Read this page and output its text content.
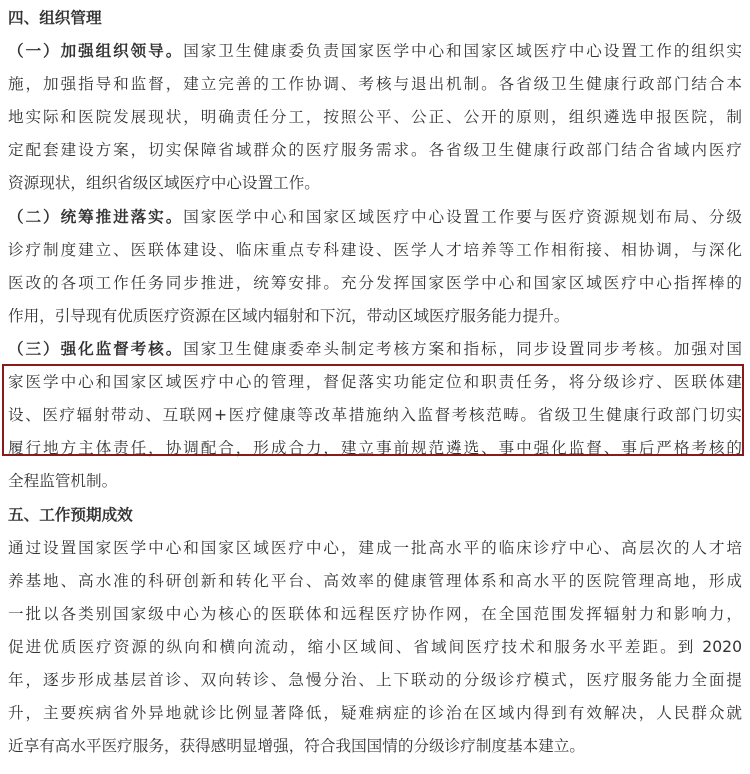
四、组织管理
（一）加强组织领导。国家卫生健康委负责国家医学中心和国家区域医疗中心设置工作的组织实
施，加强指导和监督，建立完善的工作协调、考核与退出机制。各省级卫生健康行政部门结合本
地实际和医院发展现状，明确责任分工，按照公平、公正、公开的原则，组织遴选申报医院，制
定配套建设方案，切实保障省域群众的医疗服务需求。各省级卫生健康行政部门结合省域内医疗
资源现状，组织省级区域医疗中心设置工作。
（二）统筹推进落实。国家医学中心和国家区域医疗中心设置工作要与医疗资源规划布局、分级
诊疗制度建立、医联体建设、临床重点专科建设、医学人才培养等工作相衔接、相协调，与深化
医改的各项工作任务同步推进，统筹安排。充分发挥国家医学中心和国家区域医疗中心指挥棒的
作用，引导现有优质医疗资源在区域内辐射和下沉，带动区域医疗服务能力提升。
（三）强化监督考核。国家卫生健康委牵头制定考核方案和指标，同步设置同步考核。加强对国
家医学中心和国家区域医疗中心的管理，督促落实功能定位和职责任务，将分级诊疗、医联体建
设、医疗辐射带动、互联网+医疗健康等改革措施纳入监督考核范畴。省级卫生健康行政部门切实
履行地方主体责任，协调配合，形成合力，建立事前规范遴选、事中强化监督、事后严格考核的
全程监管机制。
五、工作预期成效
通过设置国家医学中心和国家区域医疗中心，建成一批高水平的临床诊疗中心、高层次的人才培
养基地、高水准的科研创新和转化平台、高效率的健康管理体系和高水平的医院管理高地，形成
一批以各类别国家级中心为核心的医联体和远程医疗协作网，在全国范围发挥辐射力和影响力，
促进优质医疗资源的纵向和横向流动，缩小区域间、省域间医疗技术和服务水平差距。到 2020
年，逐步形成基层首诊、双向转诊、急慢分治、上下联动的分级诊疗模式，医疗服务能力全面提
升，主要疾病省外异地就诊比例显著降低，疑难病症的诊治在区域内得到有效解决，人民群众就
近享有高水平医疗服务，获得感明显增强，符合我国国情的分级诊疗制度基本建立。
